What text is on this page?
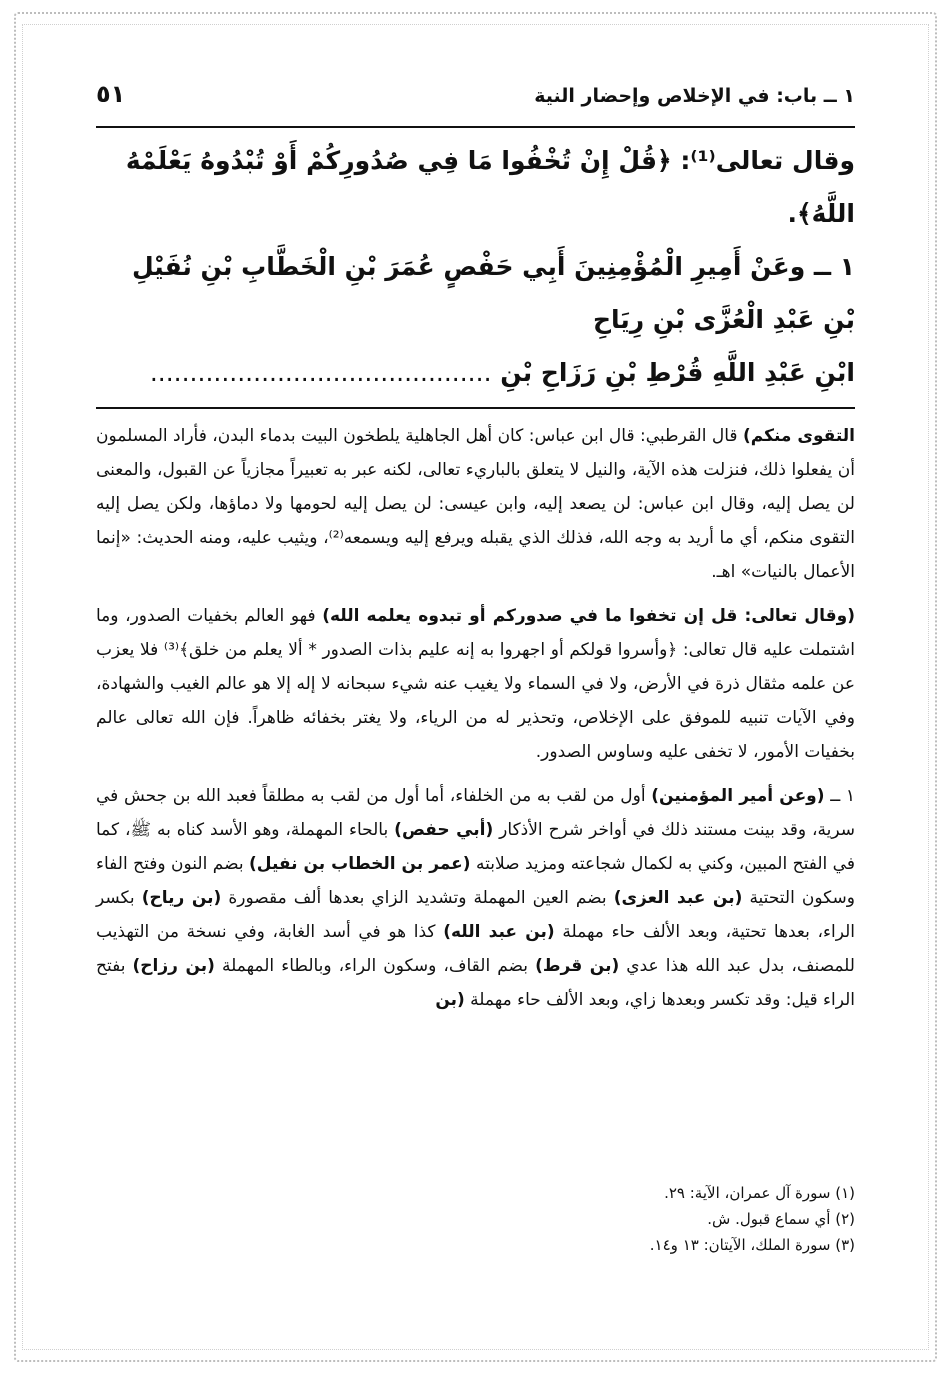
١ ــ باب: في الإخلاص وإحضار النية
٥١
وقال تعالى⁽¹⁾: ﴿قُلْ إِنْ تُخْفُوا مَا فِي صُدُورِكُمْ أَوْ تُبْدُوهُ يَعْلَمْهُ اللَّهُ﴾.
١ ــ وعَنْ أَمِيرِ الْمُؤْمِنِينَ أَبِي حَفْصٍ عُمَرَ بْنِ الْخَطَّابِ بْنِ نُفَيْلِ بْنِ عَبْدِ الْعُزَّى بْنِ رِيَاحِ
ابْنِ عَبْدِ اللَّهِ قُرْطِ بْنِ رَزَاحِ بْنِ ...........................................

التقوى منكم) قال القرطبي: قال ابن عباس: كان أهل الجاهلية يلطخون البيت بدماء البدن، فأراد المسلمون أن يفعلوا ذلك، فنزلت هذه الآية، والنيل لا يتعلق بالباريء تعالى، لكنه عبر به تعبيراً مجازياً عن القبول، والمعنى لن يصل إليه، وقال ابن عباس: لن يصعد إليه، وابن عيسى: لن يصل إليه لحومها ولا دماؤها، ولكن يصل إليه التقوى منكم، أي ما أريد به وجه الله، فذلك الذي يقبله ويرفع إليه ويسمعه⁽²⁾، ويثيب عليه، ومنه الحديث: «إنما الأعمال بالنيات» اهـ.

(وقال تعالى: قل إن تخفوا ما في صدوركم أو تبدوه يعلمه الله) فهو العالم بخفيات الصدور، وما اشتملت عليه قال تعالى: ﴿وأسروا قولكم أو اجهروا به إنه عليم بذات الصدور * ألا يعلم من خلق﴾⁽³⁾ فلا يعزب عن علمه مثقال ذرة في الأرض، ولا في السماء ولا يغيب عنه شيء سبحانه لا إله إلا هو عالم الغيب والشهادة، وفي الآيات تنبيه للموفق على الإخلاص، وتحذير له من الرياء، ولا يغتر بخفائه ظاهراً. فإن الله تعالى عالم بخفيات الأمور، لا تخفى عليه وساوس الصدور.

١ ــ (وعن أمير المؤمنين) أول من لقب به من الخلفاء، أما أول من لقب به مطلقاً فعبد الله بن جحش في سرية، وقد بينت مستند ذلك في أواخر شرح الأذكار (أبي حفص) بالحاء المهملة، وهو الأسد كناه به ﷺ، كما في الفتح المبين، وكني به لكمال شجاعته ومزيد صلابته (عمر بن الخطاب بن نفيل) بضم النون وفتح الفاء وسكون التحتية (بن عبد العزى) بضم العين المهملة وتشديد الزاي بعدها ألف مقصورة (بن رياح) بكسر الراء، بعدها تحتية، وبعد الألف حاء مهملة (بن عبد الله) كذا هو في أسد الغابة، وفي نسخة من التهذيب للمصنف، بدل عبد الله هذا عدي (بن قرط) بضم القاف، وسكون الراء، وبالطاء المهملة (بن رزاح) بفتح الراء قيل: وقد تكسر وبعدها زاي، وبعد الألف حاء مهملة (بن

(١) سورة آل عمران، الآية: ٢٩.
(٢) أي سماع قبول. ش.
(٣) سورة الملك، الآيتان: ١٣ و١٤.
